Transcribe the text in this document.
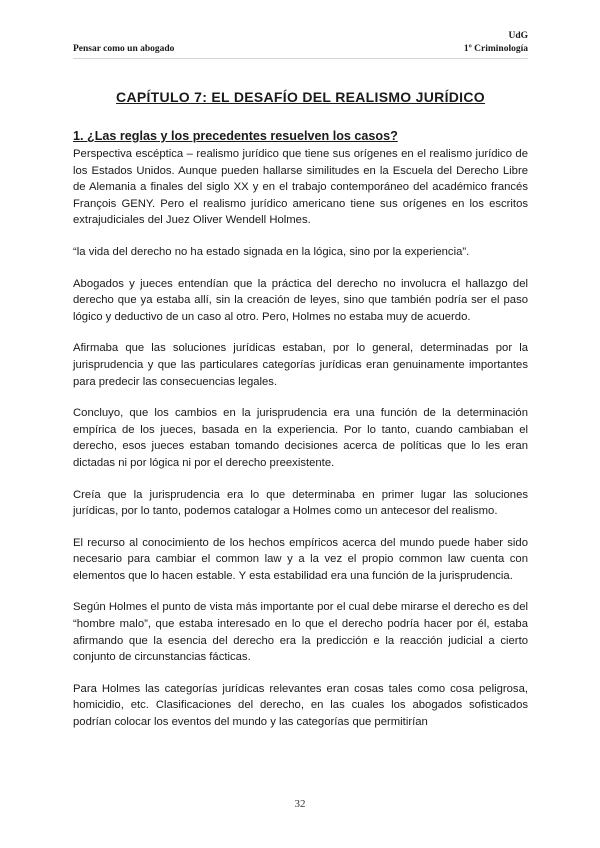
UdG
1º Criminología
Pensar como un abogado
CAPÍTULO 7: EL DESAFÍO DEL REALISMO JURÍDICO
1. ¿Las reglas y los precedentes resuelven los casos?

Perspectiva escéptica – realismo jurídico que tiene sus orígenes en el realismo jurídico de los Estados Unidos. Aunque pueden hallarse similitudes en la Escuela del Derecho Libre de Alemania a finales del siglo XX y en el trabajo contemporáneo del académico francés François GENY. Pero el realismo jurídico americano tiene sus orígenes en los escritos extrajudiciales del Juez Oliver Wendell Holmes.

“la vida del derecho no ha estado signada en la lógica, sino por la experiencia”.

Abogados y jueces entendían que la práctica del derecho no involucra el hallazgo del derecho que ya estaba allí, sin la creación de leyes, sino que también podría ser el paso lógico y deductivo de un caso al otro. Pero, Holmes no estaba muy de acuerdo.

Afirmaba que las soluciones jurídicas estaban, por lo general, determinadas por la jurisprudencia y que las particulares categorías jurídicas eran genuinamente importantes para predecir las consecuencias legales.

Concluyo, que los cambios en la jurisprudencia era una función de la determinación empírica de los jueces, basada en la experiencia. Por lo tanto, cuando cambiaban el derecho, esos jueces estaban tomando decisiones acerca de políticas que lo les eran dictadas ni por lógica ni por el derecho preexistente.

Creía que la jurisprudencia era lo que determinaba en primer lugar las soluciones jurídicas, por lo tanto, podemos catalogar a Holmes como un antecesor del realismo.

El recurso al conocimiento de los hechos empíricos acerca del mundo puede haber sido necesario para cambiar el common law y a la vez el propio common law cuenta con elementos que lo hacen estable. Y esta estabilidad era una función de la jurisprudencia.

Según Holmes el punto de vista más importante por el cual debe mirarse el derecho es del “hombre malo”, que estaba interesado en lo que el derecho podría hacer por él, estaba afirmando que la esencia del derecho era la predicción e la reacción judicial a cierto conjunto de circunstancias fácticas.

Para Holmes las categorías jurídicas relevantes eran cosas tales como cosa peligrosa, homicidio, etc. Clasificaciones del derecho, en las cuales los abogados sofisticados podrían colocar los eventos del mundo y las categorías que permitirían

32
